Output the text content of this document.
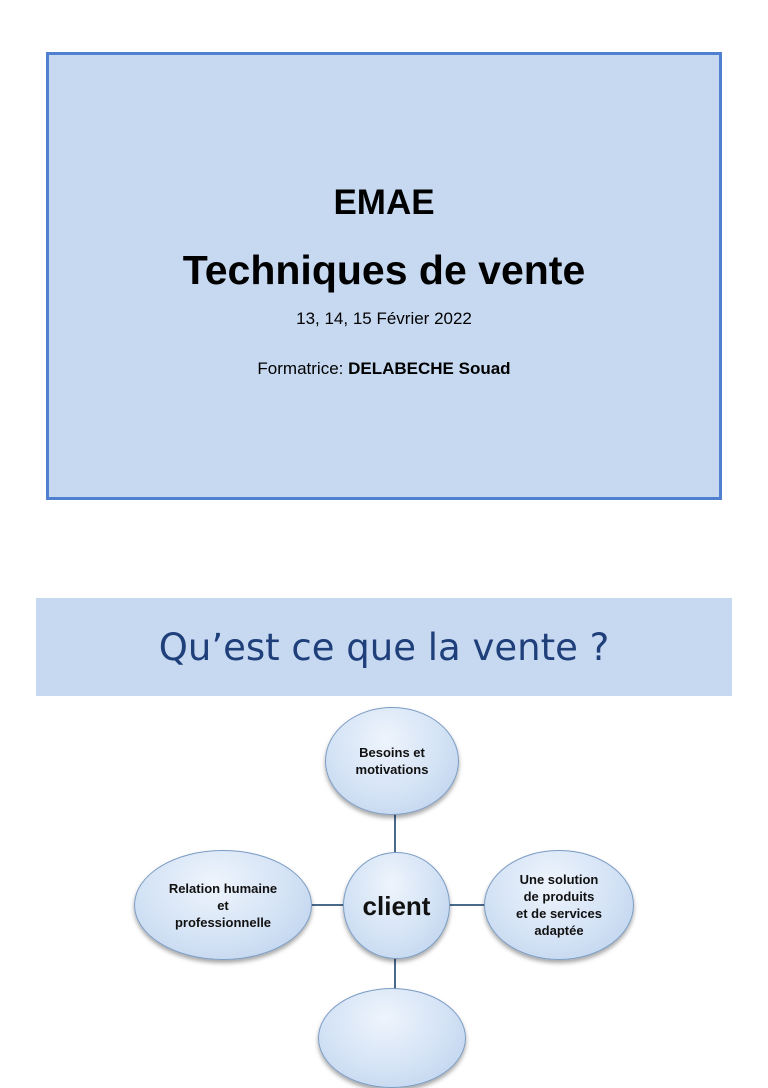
EMAE
Techniques de vente
13, 14, 15 Février 2022
Formatrice: DELABECHE Souad
Qu’est ce que la vente ?
Besoins et
motivations
Relation humaine
et
professionnelle
client
Une solution
de produits
et de services
adaptée
